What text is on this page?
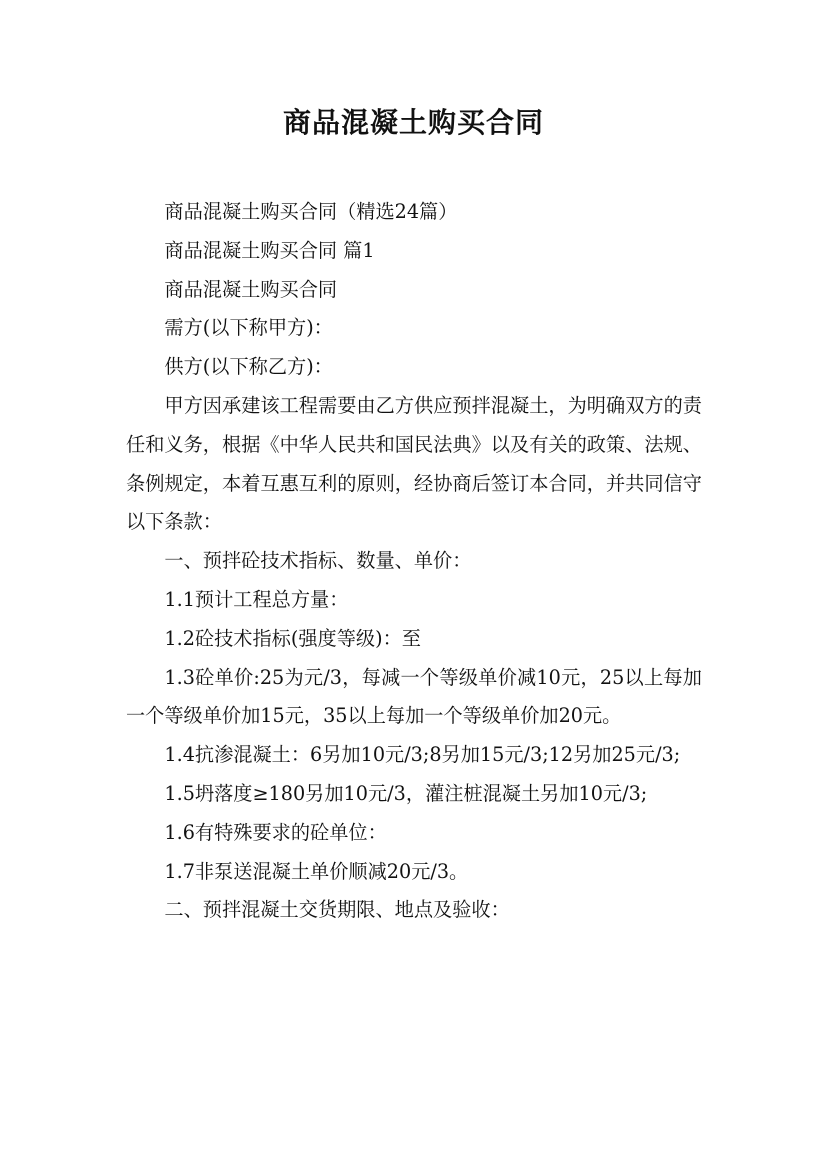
商品混凝土购买合同

商品混凝土购买合同（精选24篇）

商品混凝土购买合同 篇1

商品混凝土购买合同

需方(以下称甲方)：

供方(以下称乙方)：

甲方因承建该工程需要由乙方供应预拌混凝土，为明确双方的责任和义务，根据《中华人民共和国民法典》以及有关的政策、法规、条例规定，本着互惠互利的原则，经协商后签订本合同，并共同信守以下条款：

一、预拌砼技术指标、数量、单价：

1.1预计工程总方量：

1.2砼技术指标(强度等级)：至

1.3砼单价:25为元/3，每减一个等级单价减10元，25以上每加一个等级单价加15元，35以上每加一个等级单价加20元。

1.4抗渗混凝土：6另加10元/3;8另加15元/3;12另加25元/3;

1.5坍落度≥180另加10元/3，灌注桩混凝土另加10元/3;

1.6有特殊要求的砼单位：

1.7非泵送混凝土单价顺减20元/3。

二、预拌混凝土交货期限、地点及验收：
